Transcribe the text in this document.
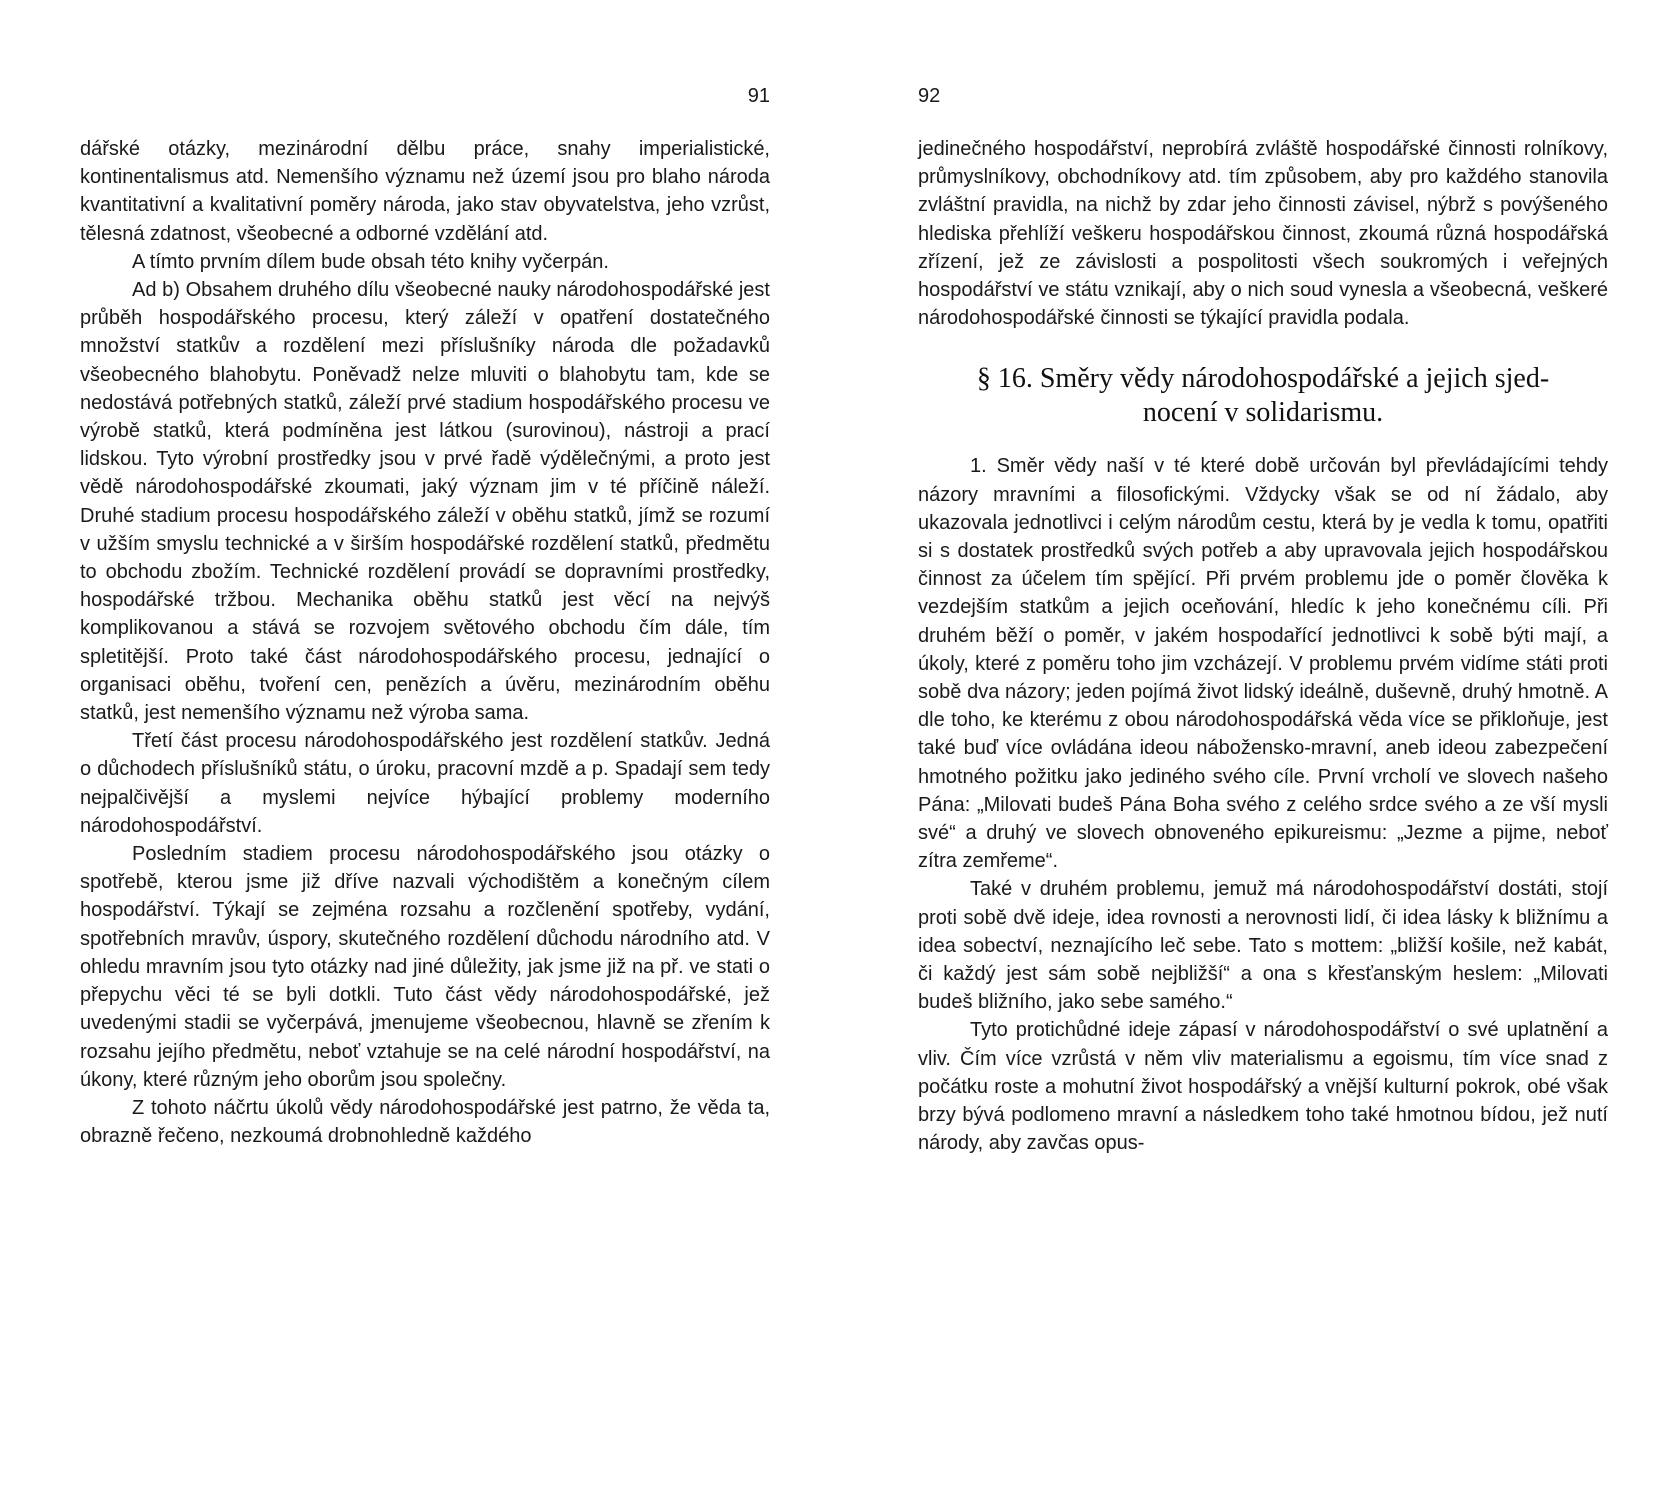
91

dářské otázky, mezinárodní dělbu práce, snahy imperialistické, kontinentalismus atd. Nemenšího významu než území jsou pro blaho národa kvantitativní a kvalitativní poměry národa, jako stav obyvatelstva, jeho vzrůst, tělesná zdatnost, všeobecné a odborné vzdělání atd.

A tímto prvním dílem bude obsah této knihy vyčerpán.

Ad b) Obsahem druhého dílu všeobecné nauky národohospodářské jest průběh hospodářského procesu, který záleží v opatření dostatečného množství statkův a rozdělení mezi příslušníky národa dle požadavků všeobecného blahobytu. Poněvadž nelze mluviti o blahobytu tam, kde se nedostává potřebných statků, záleží prvé stadium hospodářského procesu ve výrobě statků, která podmíněna jest látkou (surovinou), nástroji a prací lidskou. Tyto výrobní prostředky jsou v prvé řadě výdělečnými, a proto jest vědě národohospodářské zkoumati, jaký význam jim v té příčině náleží. Druhé stadium procesu hospodářského záleží v oběhu statků, jímž se rozumí v užším smyslu technické a v širším hospodářské rozdělení statků, předmětu to obchodu zbožím. Technické rozdělení provádí se dopravními prostředky, hospodářské tržbou. Mechanika oběhu statků jest věcí na nejvýš komplikovanou a stává se rozvojem světového obchodu čím dále, tím spletitější. Proto také část národohospodářského procesu, jednající o organisaci oběhu, tvoření cen, penězích a úvěru, mezinárodním oběhu statků, jest nemenšího významu než výroba sama.

Třetí část procesu národohospodářského jest rozdělení statkův. Jedná o důchodech příslušníků státu, o úroku, pracovní mzdě a p. Spadají sem tedy nejpalčivější a myslemi nejvíce hýbající problemy moderního národohospodářství.

Posledním stadiem procesu národohospodářského jsou otázky o spotřebě, kterou jsme již dříve nazvali východištěm a konečným cílem hospodářství. Týkají se zejména rozsahu a rozčlenění spotřeby, vydání, spotřebních mravův, úspory, skutečného rozdělení důchodu národního atd. V ohledu mravním jsou tyto otázky nad jiné důležity, jak jsme již na př. ve stati o přepychu věci té se byli dotkli. Tuto část vědy národohospodářské, jež uvedenými stadii se vyčerpává, jmenujeme všeobecnou, hlavně se zřením k rozsahu jejího předmětu, neboť vztahuje se na celé národní hospodářství, na úkony, které různým jeho oborům jsou společny.

Z tohoto náčrtu úkolů vědy národohospodářské jest patrno, že věda ta, obrazně řečeno, nezkoumá drobnohledně každého

92

jedinečného hospodářství, neprobírá zvláště hospodářské činnosti rolníkovy, průmyslníkovy, obchodníkovy atd. tím způsobem, aby pro každého stanovila zvláštní pravidla, na nichž by zdar jeho činnosti závisel, nýbrž s povýšeného hlediska přehlíží veškeru hospodářskou činnost, zkoumá různá hospodářská zřízení, jež ze závislosti a pospolitosti všech soukromých i veřejných hospodářství ve státu vznikají, aby o nich soud vynesla a všeobecná, veškeré národohospodářské činnosti se týkající pravidla podala.

§ 16. Směry vědy národohospodářské a jejich sjed-
nocení v solidarismu.

1. Směr vědy naší v té které době určován byl převládajícími tehdy názory mravními a filosofickými. Vždycky však se od ní žádalo, aby ukazovala jednotlivci i celým národům cestu, která by je vedla k tomu, opatřiti si s dostatek prostředků svých potřeb a aby upravovala jejich hospodářskou činnost za účelem tím spějící. Při prvém problemu jde o poměr člověka k vezdejším statkům a jejich oceňování, hledíc k jeho konečnému cíli. Při druhém běží o poměr, v jakém hospodařící jednotlivci k sobě býti mají, a úkoly, které z poměru toho jim vzcházejí. V problemu prvém vidíme státi proti sobě dva názory; jeden pojímá život lidský ideálně, duševně, druhý hmotně. A dle toho, ke kterému z obou národohospodářská věda více se přikloňuje, jest také buď více ovládána ideou nábožensko-mravní, aneb ideou zabezpečení hmotného požitku jako jediného svého cíle. První vrcholí ve slovech našeho Pána: „Milovati budeš Pána Boha svého z celého srdce svého a ze vší mysli své“ a druhý ve slovech obnoveného epikureismu: „Jezme a pijme, neboť zítra zemřeme“.

Také v druhém problemu, jemuž má národohospodářství dostáti, stojí proti sobě dvě ideje, idea rovnosti a nerovnosti lidí, či idea lásky k bližnímu a idea sobectví, neznajícího leč sebe. Tato s mottem: „bližší košile, než kabát, či každý jest sám sobě nejbližší“ a ona s křesťanským heslem: „Milovati budeš bližního, jako sebe samého.“

Tyto protichůdné ideje zápasí v národohospodářství o své uplatnění a vliv. Čím více vzrůstá v něm vliv materialismu a egoismu, tím více snad z počátku roste a mohutní život hospodářský a vnější kulturní pokrok, obé však brzy bývá podlomeno mravní a následkem toho také hmotnou bídou, jež nutí národy, aby zavčas opus-
